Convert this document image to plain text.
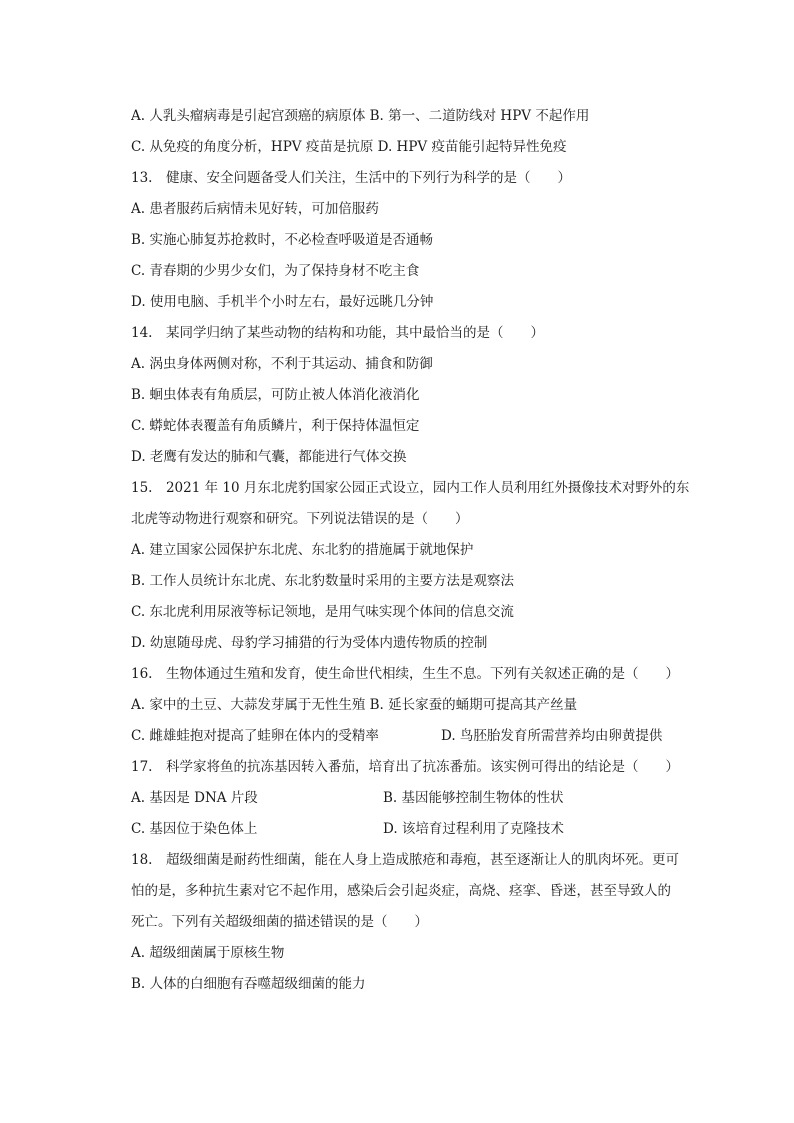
A. 人乳头瘤病毒是引起宫颈癌的病原体 B. 第一、二道防线对 HPV 不起作用
C. 从免疫的角度分析，HPV 疫苗是抗原 D. HPV 疫苗能引起特异性免疫
13.　健康、安全问题备受人们关注，生活中的下列行为科学的是（　　）
A. 患者服药后病情未见好转，可加倍服药
B. 实施心肺复苏抢救时，不必检查呼吸道是否通畅
C. 青春期的少男少女们，为了保持身材不吃主食
D. 使用电脑、手机半个小时左右，最好远眺几分钟
14.　某同学归纳了某些动物的结构和功能，其中最恰当的是（　　）
A. 涡虫身体两侧对称，不利于其运动、捕食和防御
B. 蛔虫体表有角质层，可防止被人体消化液消化
C. 蟒蛇体表覆盖有角质鳞片，利于保持体温恒定
D. 老鹰有发达的肺和气囊，都能进行气体交换
15.　2021 年 10 月东北虎豹国家公园正式设立，园内工作人员利用红外摄像技术对野外的东
北虎等动物进行观察和研究。下列说法错误的是（　　）
A. 建立国家公园保护东北虎、东北豹的措施属于就地保护
B. 工作人员统计东北虎、东北豹数量时采用的主要方法是观察法
C. 东北虎利用尿液等标记领地，是用气味实现个体间的信息交流
D. 幼崽随母虎、母豹学习捕猎的行为受体内遗传物质的控制
16.　生物体通过生殖和发育，使生命世代相续，生生不息。下列有关叙述正确的是（　　）
A. 家中的土豆、大蒜发芽属于无性生殖 B. 延长家蚕的蛹期可提高其产丝量
C. 雌雄蛙抱对提高了蛙卵在体内的受精率	D. 鸟胚胎发育所需营养均由卵黄提供
17.　科学家将鱼的抗冻基因转入番茄，培育出了抗冻番茄。该实例可得出的结论是（　　）
A. 基因是 DNA 片段	B. 基因能够控制生物体的性状
C. 基因位于染色体上	D. 该培育过程利用了克隆技术
18.　超级细菌是耐药性细菌，能在人身上造成脓疮和毒疱，甚至逐渐让人的肌肉坏死。更可
怕的是，多种抗生素对它不起作用，感染后会引起炎症，高烧、痉挛、昏迷，甚至导致人的
死亡。下列有关超级细菌的描述错误的是（　　）
A. 超级细菌属于原核生物
B. 人体的白细胞有吞噬超级细菌的能力
